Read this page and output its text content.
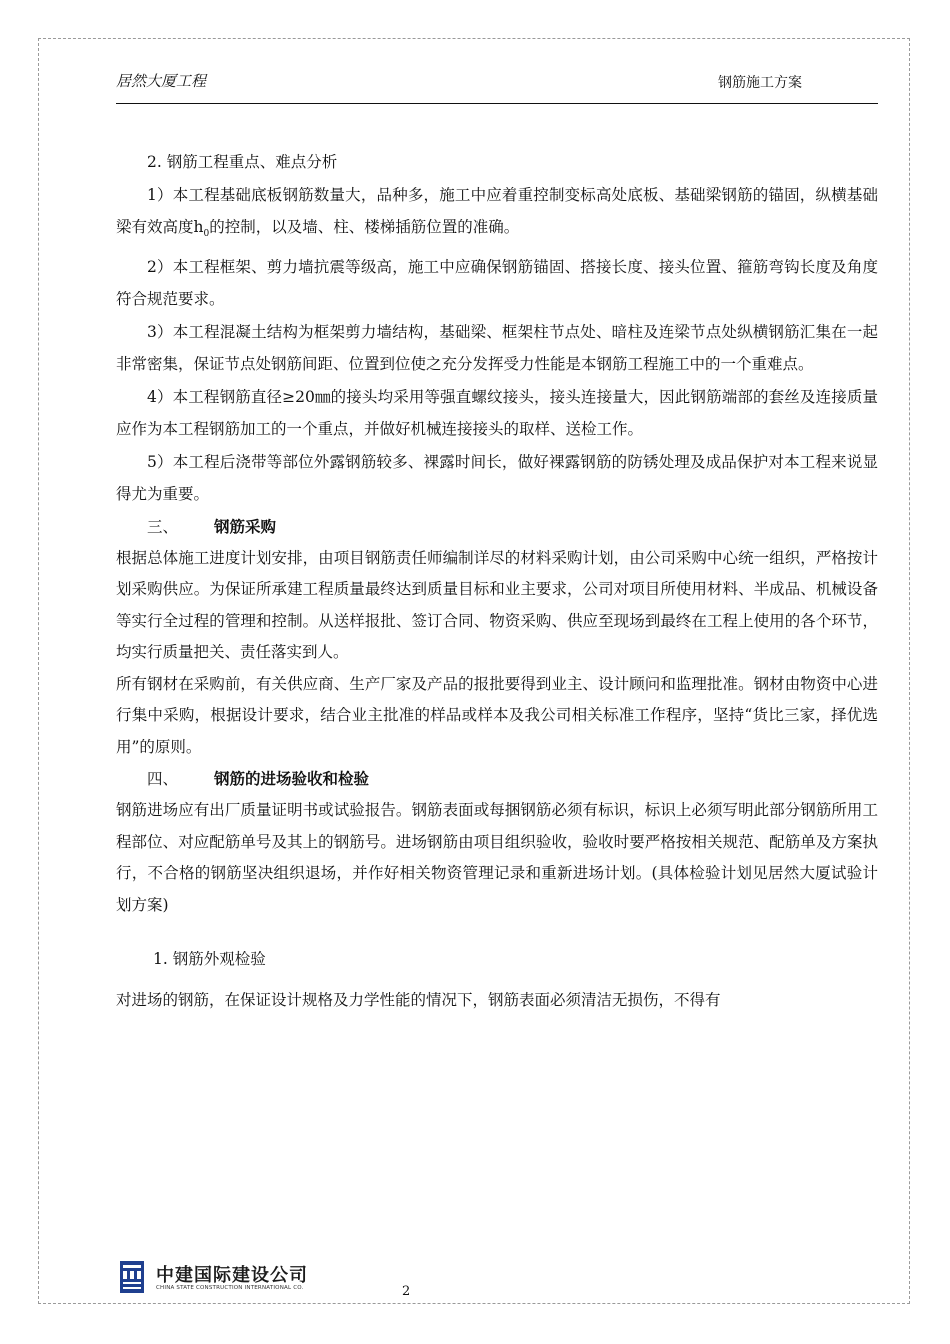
居然大厦工程	钢筋施工方案

2. 钢筋工程重点、难点分析

1）本工程基础底板钢筋数量大，品种多，施工中应着重控制变标高处底板、基础梁钢筋的锚固，纵横基础梁有效高度$h_0$的控制，以及墙、柱、楼梯插筋位置的准确。

2）本工程框架、剪力墙抗震等级高，施工中应确保钢筋锚固、搭接长度、接头位置、箍筋弯钩长度及角度符合规范要求。

3）本工程混凝土结构为框架剪力墙结构，基础梁、框架柱节点处、暗柱及连梁节点处纵横钢筋汇集在一起非常密集，保证节点处钢筋间距、位置到位使之充分发挥受力性能是本钢筋工程施工中的一个重难点。

4）本工程钢筋直径≥20㎜的接头均采用等强直螺纹接头，接头连接量大，因此钢筋端部的套丝及连接质量应作为本工程钢筋加工的一个重点，并做好机械连接接头的取样、送检工作。

5）本工程后浇带等部位外露钢筋较多、裸露时间长，做好裸露钢筋的防锈处理及成品保护对本工程来说显得尤为重要。

三、 钢筋采购

根据总体施工进度计划安排，由项目钢筋责任师编制详尽的材料采购计划，由公司采购中心统一组织，严格按计划采购供应。为保证所承建工程质量最终达到质量目标和业主要求，公司对项目所使用材料、半成品、机械设备等实行全过程的管理和控制。从送样报批、签订合同、物资采购、供应至现场到最终在工程上使用的各个环节，均实行质量把关、责任落实到人。

所有钢材在采购前，有关供应商、生产厂家及产品的报批要得到业主、设计顾问和监理批准。钢材由物资中心进行集中采购，根据设计要求，结合业主批准的样品或样本及我公司相关标准工作程序，坚持“货比三家，择优选用”的原则。

四、 钢筋的进场验收和检验

钢筋进场应有出厂质量证明书或试验报告。钢筋表面或每捆钢筋必须有标识，标识上必须写明此部分钢筋所用工程部位、对应配筋单号及其上的钢筋号。进场钢筋由项目组织验收，验收时要严格按相关规范、配筋单及方案执行，不合格的钢筋坚决组织退场，并作好相关物资管理记录和重新进场计划。(具体检验计划见居然大厦试验计划方案)

1. 钢筋外观检验

对进场的钢筋，在保证设计规格及力学性能的情况下，钢筋表面必须清洁无损伤，不得有

中建国际建设公司
CHINA STATE CONSTRUCTION INTERNATIONAL CO.	2
